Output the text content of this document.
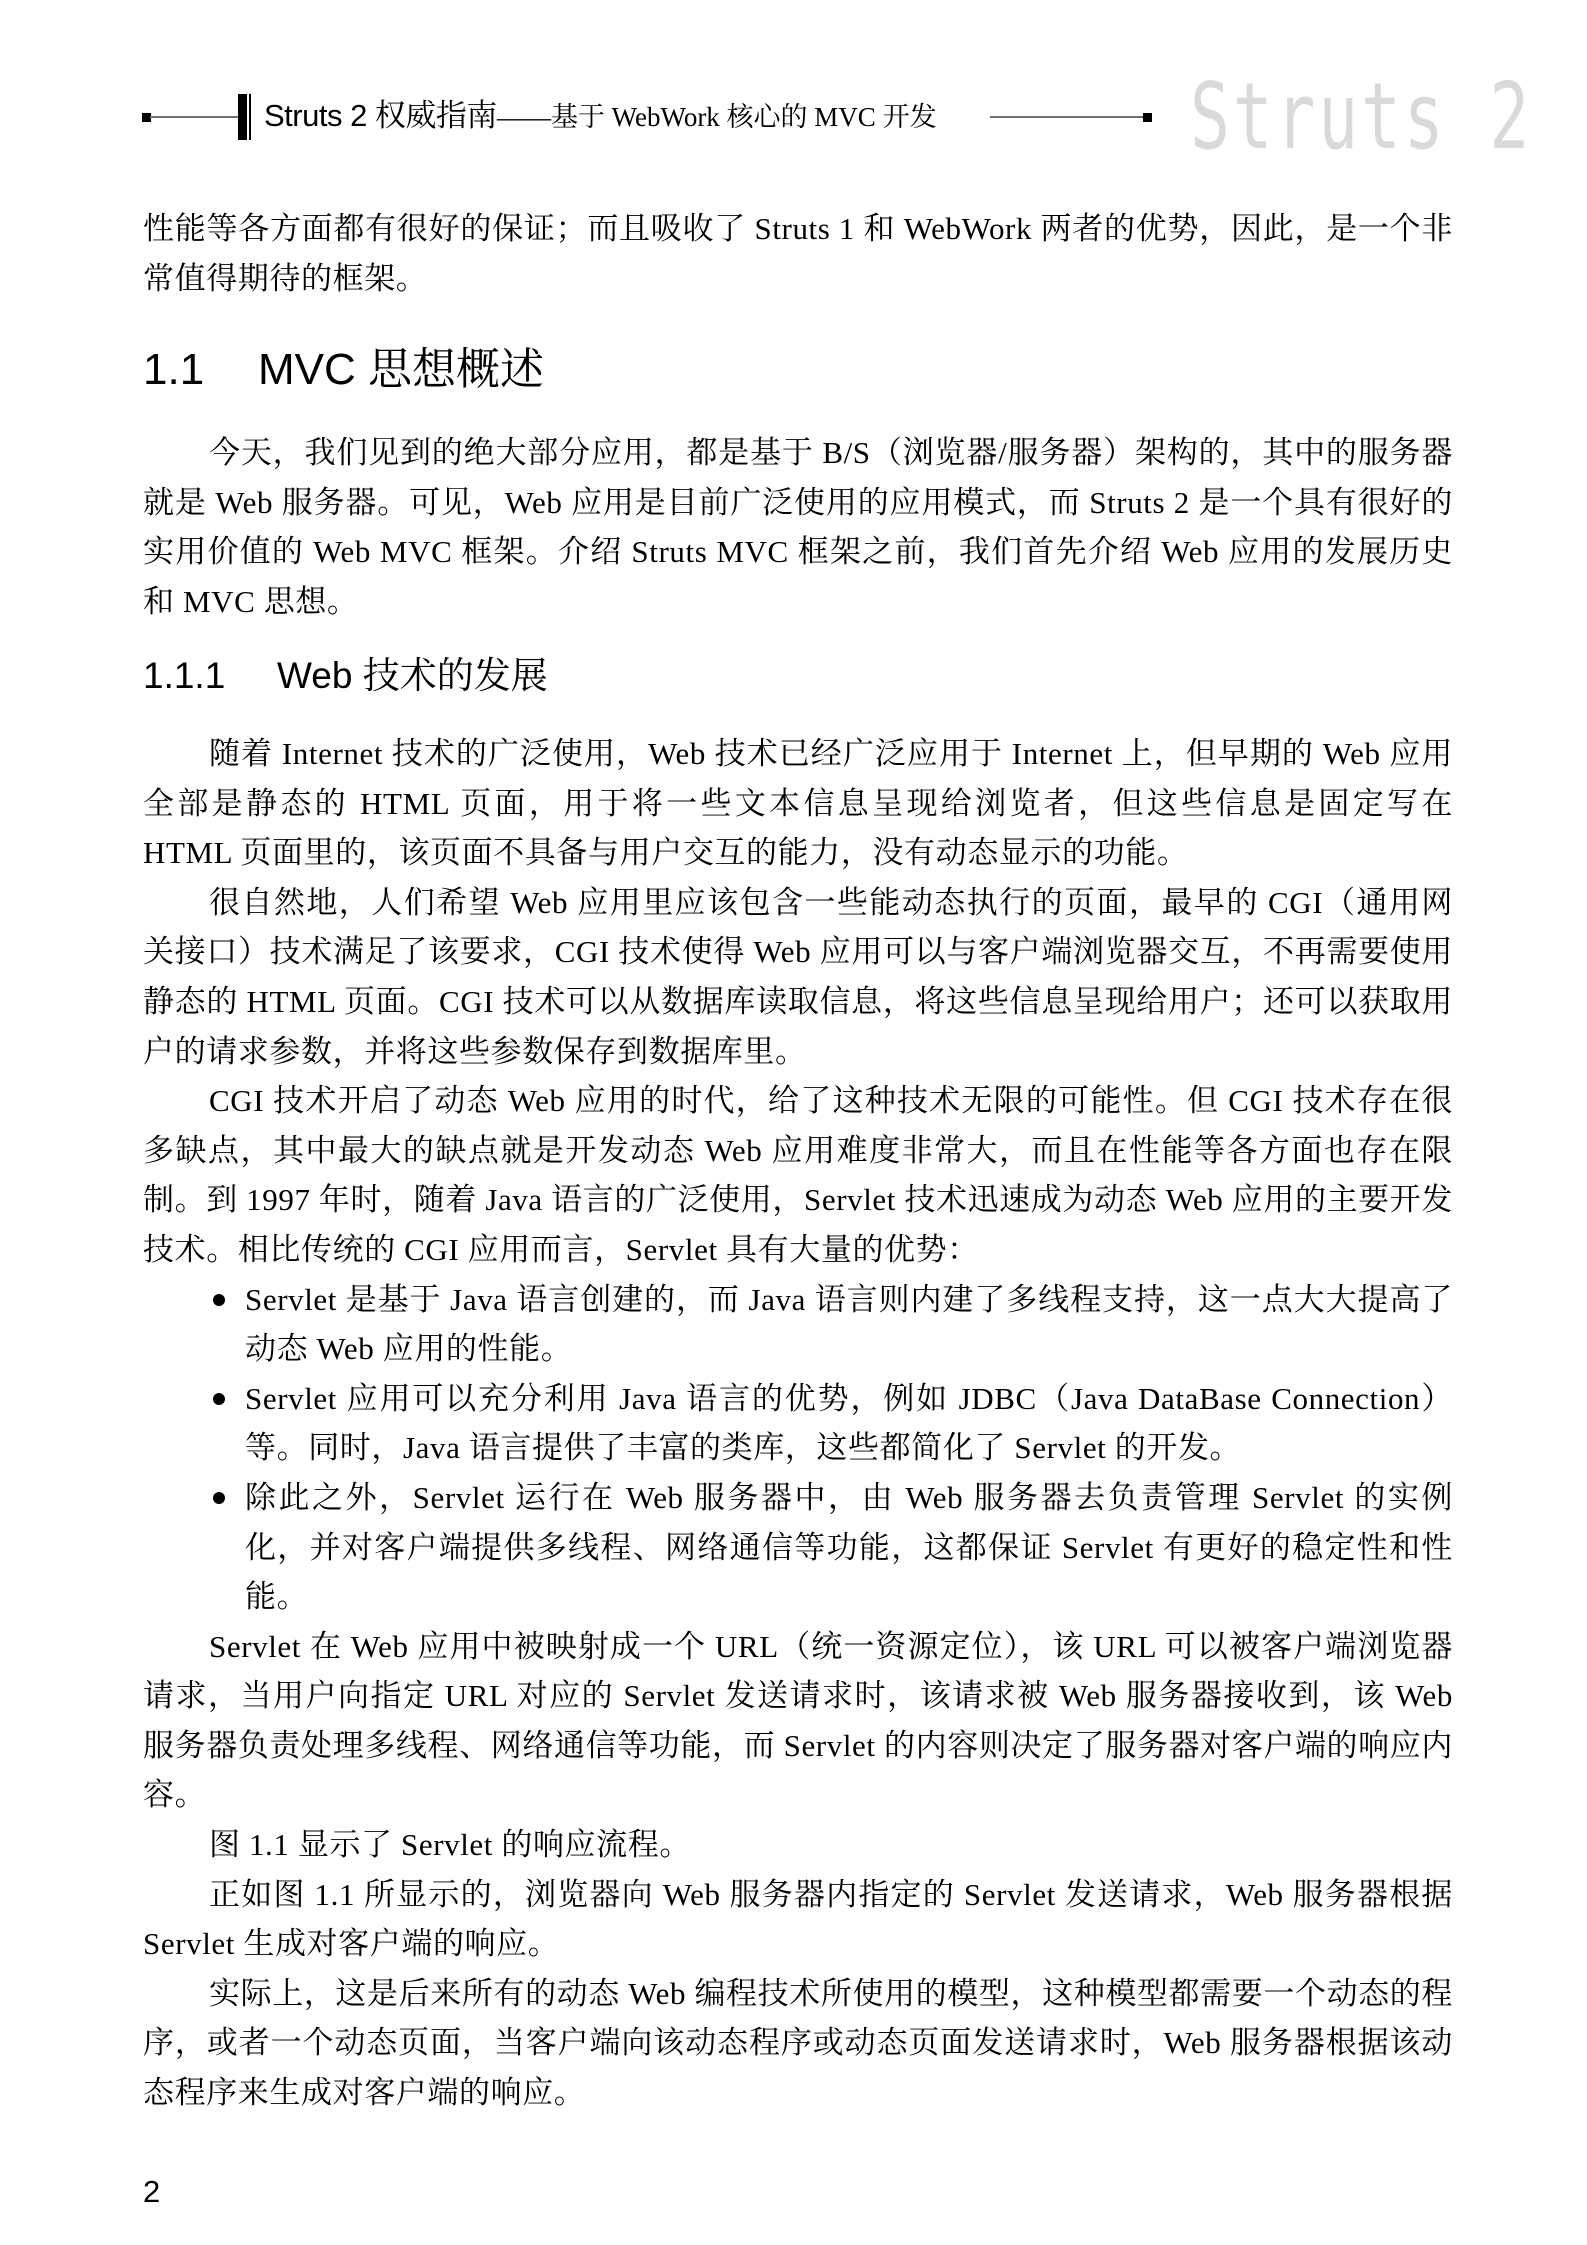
Struts 2 权威指南——基于 WebWork 核心的 MVC 开发	Struts 2

性能等各方面都有很好的保证；而且吸收了 Struts 1 和 WebWork 两者的优势，因此，是一个非常值得期待的框架。

1.1 MVC 思想概述

今天，我们见到的绝大部分应用，都是基于 B/S（浏览器/服务器）架构的，其中的服务器就是 Web 服务器。可见，Web 应用是目前广泛使用的应用模式，而 Struts 2 是一个具有很好的实用价值的 Web MVC 框架。介绍 Struts MVC 框架之前，我们首先介绍 Web 应用的发展历史和 MVC 思想。

1.1.1 Web 技术的发展

随着 Internet 技术的广泛使用，Web 技术已经广泛应用于 Internet 上，但早期的 Web 应用全部是静态的 HTML 页面，用于将一些文本信息呈现给浏览者，但这些信息是固定写在 HTML 页面里的，该页面不具备与用户交互的能力，没有动态显示的功能。

很自然地，人们希望 Web 应用里应该包含一些能动态执行的页面，最早的 CGI（通用网关接口）技术满足了该要求，CGI 技术使得 Web 应用可以与客户端浏览器交互，不再需要使用静态的 HTML 页面。CGI 技术可以从数据库读取信息，将这些信息呈现给用户；还可以获取用户的请求参数，并将这些参数保存到数据库里。

CGI 技术开启了动态 Web 应用的时代，给了这种技术无限的可能性。但 CGI 技术存在很多缺点，其中最大的缺点就是开发动态 Web 应用难度非常大，而且在性能等各方面也存在限制。到 1997 年时，随着 Java 语言的广泛使用，Servlet 技术迅速成为动态 Web 应用的主要开发技术。相比传统的 CGI 应用而言，Servlet 具有大量的优势：

Servlet 是基于 Java 语言创建的，而 Java 语言则内建了多线程支持，这一点大大提高了动态 Web 应用的性能。
Servlet 应用可以充分利用 Java 语言的优势，例如 JDBC（Java DataBase Connection）等。同时，Java 语言提供了丰富的类库，这些都简化了 Servlet 的开发。
除此之外，Servlet 运行在 Web 服务器中，由 Web 服务器去负责管理 Servlet 的实例化，并对客户端提供多线程、网络通信等功能，这都保证 Servlet 有更好的稳定性和性能。

Servlet 在 Web 应用中被映射成一个 URL（统一资源定位），该 URL 可以被客户端浏览器请求，当用户向指定 URL 对应的 Servlet 发送请求时，该请求被 Web 服务器接收到，该 Web 服务器负责处理多线程、网络通信等功能，而 Servlet 的内容则决定了服务器对客户端的响应内容。

图 1.1 显示了 Servlet 的响应流程。

正如图 1.1 所显示的，浏览器向 Web 服务器内指定的 Servlet 发送请求，Web 服务器根据 Servlet 生成对客户端的响应。

实际上，这是后来所有的动态 Web 编程技术所使用的模型，这种模型都需要一个动态的程序，或者一个动态页面，当客户端向该动态程序或动态页面发送请求时，Web 服务器根据该动态程序来生成对客户端的响应。

2
